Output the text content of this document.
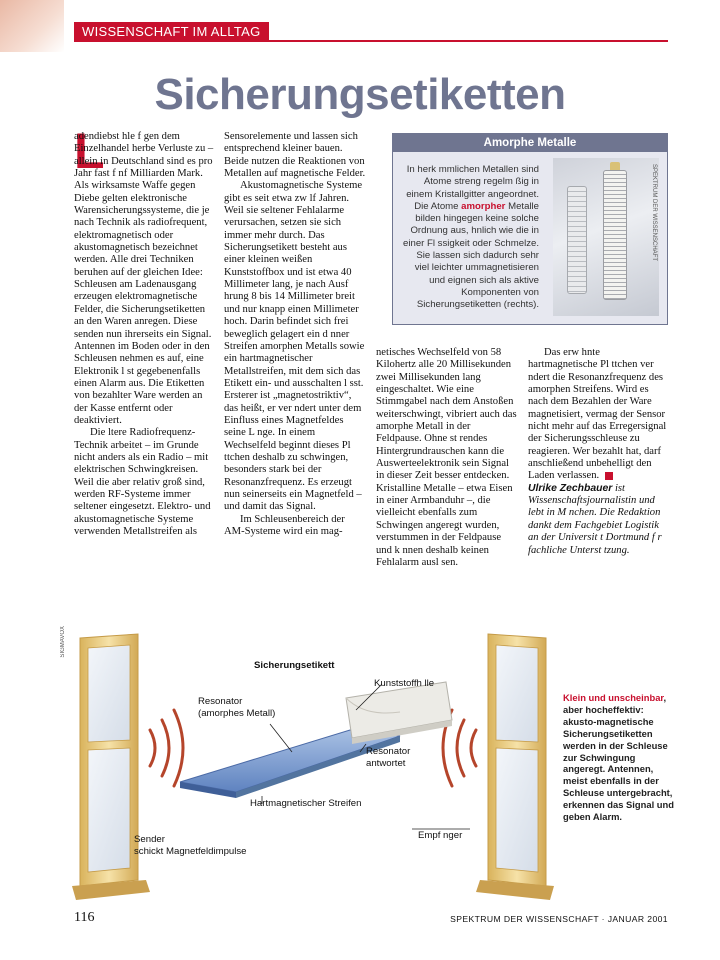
WISSENSCHAFT IM ALLTAG
Sicherungsetiketten
L

adendiebst hle f gen dem Einzelhandel herbe Verluste zu – allein in Deutschland sind es pro Jahr fast f nf Milliarden Mark. Als wirksamste Waffe gegen Diebe gelten elektronische Warensicherungssysteme, die je nach Technik als radiofrequent, elektromagnetisch oder akustomagnetisch bezeichnet werden. Alle drei Techniken beruhen auf der gleichen Idee: Schleusen am Ladenausgang erzeugen elektromagnetische Felder, die Sicherungsetiketten an den Waren anregen. Diese senden nun ihrerseits ein Signal. Antennen im Boden oder in den Schleusen nehmen es auf, eine Elektronik l st gegebenenfalls einen Alarm aus. Die Etiketten von bezahlter Ware werden an der Kasse entfernt oder deaktiviert.

Die ltere Radiofrequenz-Technik arbeitet – im Grunde nicht anders als ein Radio – mit elektrischen Schwingkreisen. Weil die aber relativ groß sind, werden RF-Systeme immer seltener eingesetzt. Elektro- und akustomagnetische Systeme verwenden Metallstreifen als

Sensorelemente und lassen sich entsprechend kleiner bauen. Beide nutzen die Reaktionen von Metallen auf magnetische Felder.

Akustomagnetische Systeme gibt es seit etwa zw lf Jahren. Weil sie seltener Fehlalarme verursachen, setzen sie sich immer mehr durch. Das Sicherungsetikett besteht aus einer kleinen weißen Kunststoffbox und ist etwa 40 Millimeter lang, je nach Ausf hrung 8 bis 14 Millimeter breit und nur knapp einen Millimeter hoch. Darin befindet sich frei beweglich gelagert ein d nner Streifen amorphen Metalls sowie ein hartmagnetischer Metallstreifen, mit dem sich das Etikett ein- und ausschalten l sst. Ersterer ist „magnetostriktiv“, das heißt, er ver ndert unter dem Einfluss eines Magnetfeldes seine L nge. In einem Wechselfeld beginnt dieses Pl ttchen deshalb zu schwingen, besonders stark bei der Resonanzfrequenz. Es erzeugt nun seinerseits ein Magnetfeld – und damit das Signal.

Im Schleusenbereich der AM-Systeme wird ein mag-

netisches Wechselfeld von 58 Kilohertz alle 20 Millisekunden zwei Millisekunden lang eingeschaltet. Wie eine Stimmgabel nach dem Anstoßen weiterschwingt, vibriert auch das amorphe Metall in der Feldpause. Ohne st rendes Hintergrundrauschen kann die Auswerteelektronik sein Signal in dieser Zeit besser entdecken. Kristalline Metalle – etwa Eisen in einer Armbanduhr –, die vielleicht ebenfalls zum Schwingen angeregt wurden, verstummen in der Feldpause und k nnen deshalb keinen Fehlalarm ausl sen.

Das erw hnte hartmagnetische Pl ttchen ver ndert die Resonanzfrequenz des amorphen Streifens. Wird es nach dem Bezahlen der Ware magnetisiert, vermag der Sensor nicht mehr auf das Erregersignal der Sicherungsschleuse zu reagieren. Wer bezahlt hat, darf anschließend unbehelligt den Laden verlassen.

Ulrike Zechbauer ist Wissenschaftsjournalistin und lebt in M nchen. Die Redaktion dankt dem Fachgebiet Logistik an der Universit t Dortmund f r fachliche Unterst tzung.

Amorphe Metalle
In herk mmlichen Metallen sind Atome streng regelm ßig in einem Kristallgitter angeordnet. Die Atome amorpher Metalle bilden hingegen keine solche Ordnung aus, hnlich wie die in einer Fl ssigkeit oder Schmelze. Sie lassen sich dadurch sehr viel leichter ummagnetisieren und eignen sich als aktive Komponenten von Sicherungsetiketten (rechts).
SPEKTRUM DER WISSENSCHAFT
SIGMAVOX
Sicherungsetikett
Kunststoffh lle
Resonator
(amorphes Metall)
Resonator
antwortet
Hartmagnetischer Streifen
Sender
schickt Magnetfeldimpulse
Empf nger
Klein und unscheinbar, aber hocheffektiv: akusto-magnetische Sicherungsetiketten werden in der Schleuse zur Schwingung angeregt. Antennen, meist ebenfalls in der Schleuse untergebracht, erkennen das Signal und geben Alarm.
116	SPEKTRUM DER WISSENSCHAFT · JANUAR 2001
